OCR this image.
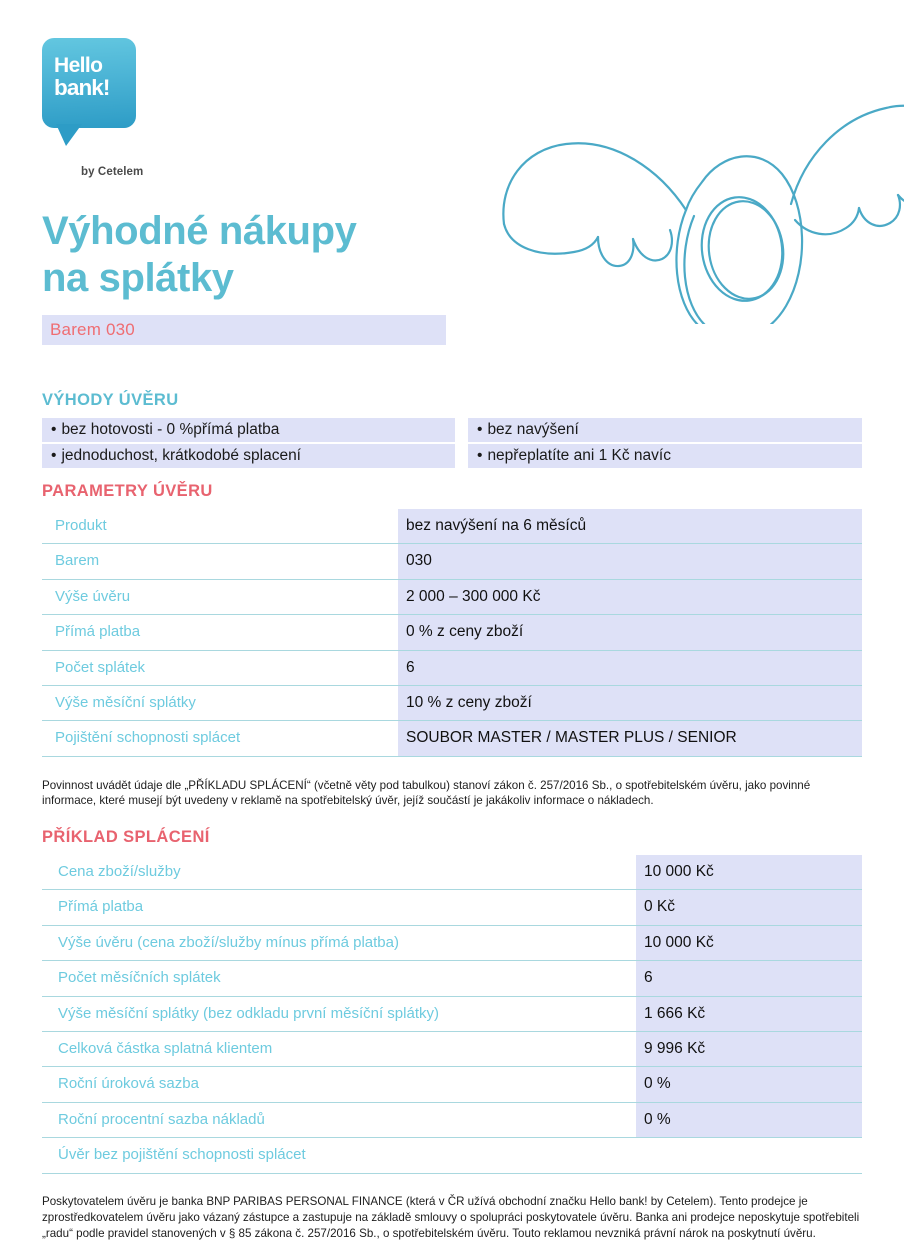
Hello
bank!
by Cetelem
Výhodné nákupy
na splátky
Barem 030
VÝHODY ÚVĚRU
• bez hotovosti - 0 %přímá platba
• jednoduchost, krátkodobé splacení
• bez navýšení
• nepřeplatíte ani 1 Kč navíc
PARAMETRY ÚVĚRU
Produkt	bez navýšení na 6 měsíců
Barem	030
Výše úvěru	2 000 – 300 000 Kč
Přímá platba	0 % z ceny zboží
Počet splátek	6
Výše měsíční splátky	10 % z ceny zboží
Pojištění schopnosti splácet	SOUBOR MASTER / MASTER PLUS / SENIOR

Povinnost uvádět údaje dle „PŘÍKLADU SPLÁCENÍ“ (včetně věty pod tabulkou) stanoví zákon č. 257/2016 Sb., o spotřebitelském úvěru, jako povinné informace, které musejí být uvedeny v reklamě na spotřebitelský úvěr, jejíž součástí je jakákoliv informace o nákladech.

PŘÍKLAD SPLÁCENÍ
Cena zboží/služby	10 000 Kč
Přímá platba	0 Kč
Výše úvěru (cena zboží/služby mínus přímá platba)	10 000 Kč
Počet měsíčních splátek	6
Výše měsíční splátky (bez odkladu první měsíční splátky)	1 666 Kč
Celková částka splatná klientem	9 996 Kč
Roční úroková sazba	0 %
Roční procentní sazba nákladů	0 %
Úvěr bez pojištění schopnosti splácet

Poskytovatelem úvěru je banka BNP PARIBAS PERSONAL FINANCE (která v ČR užívá obchodní značku Hello bank! by Cetelem). Tento prodejce je zprostředkovatelem úvěru jako vázaný zástupce a zastupuje na základě smlouvy o spolupráci poskytovatele úvěru. Banka ani prodejce neposkytuje spotřebiteli „radu“ podle pravidel stanovených v § 85 zákona č. 257/2016 Sb., o spotřebitelském úvěru. Touto reklamou nevzniká právní nárok na poskytnutí úvěru.
